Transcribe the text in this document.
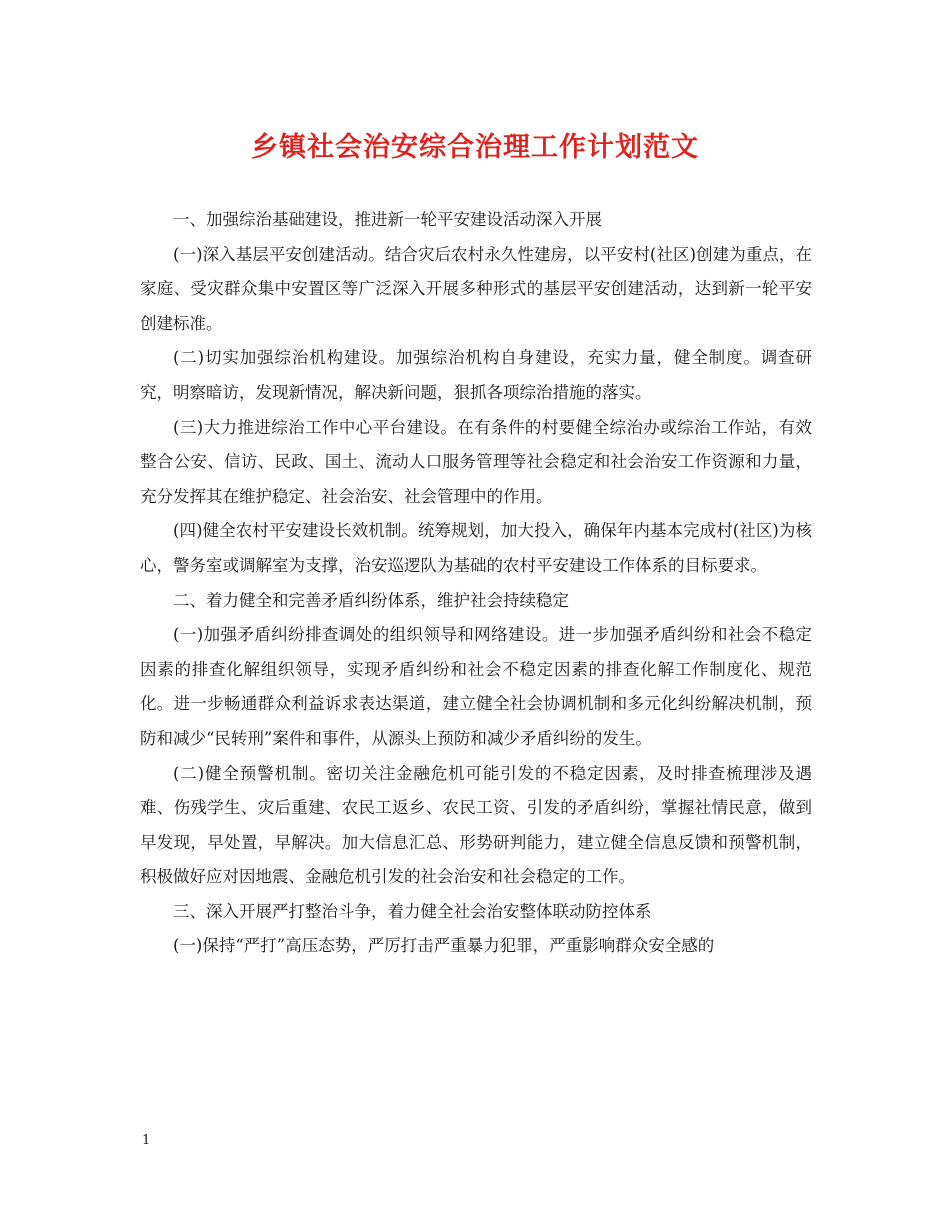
乡镇社会治安综合治理工作计划范文

一、加强综治基础建设，推进新一轮平安建设活动深入开展

(一)深入基层平安创建活动。结合灾后农村永久性建房，以平安村(社区)创建为重点，在家庭、受灾群众集中安置区等广泛深入开展多种形式的基层平安创建活动，达到新一轮平安创建标准。

(二)切实加强综治机构建设。加强综治机构自身建设，充实力量，健全制度。调查研究，明察暗访，发现新情况，解决新问题，狠抓各项综治措施的落实。

(三)大力推进综治工作中心平台建设。在有条件的村要健全综治办或综治工作站，有效整合公安、信访、民政、国土、流动人口服务管理等社会稳定和社会治安工作资源和力量，充分发挥其在维护稳定、社会治安、社会管理中的作用。

(四)健全农村平安建设长效机制。统筹规划，加大投入，确保年内基本完成村(社区)为核心，警务室或调解室为支撑，治安巡逻队为基础的农村平安建设工作体系的目标要求。

二、着力健全和完善矛盾纠纷体系，维护社会持续稳定

(一)加强矛盾纠纷排查调处的组织领导和网络建设。进一步加强矛盾纠纷和社会不稳定因素的排查化解组织领导，实现矛盾纠纷和社会不稳定因素的排查化解工作制度化、规范化。进一步畅通群众利益诉求表达渠道，建立健全社会协调机制和多元化纠纷解决机制，预防和减少“民转刑”案件和事件，从源头上预防和减少矛盾纠纷的发生。

(二)健全预警机制。密切关注金融危机可能引发的不稳定因素，及时排查梳理涉及遇难、伤残学生、灾后重建、农民工返乡、农民工资、引发的矛盾纠纷，掌握社情民意，做到早发现，早处置，早解决。加大信息汇总、形势研判能力，建立健全信息反馈和预警机制，积极做好应对因地震、金融危机引发的社会治安和社会稳定的工作。

三、深入开展严打整治斗争，着力健全社会治安整体联动防控体系

(一)保持“严打”高压态势，严厉打击严重暴力犯罪，严重影响群众安全感的

1
